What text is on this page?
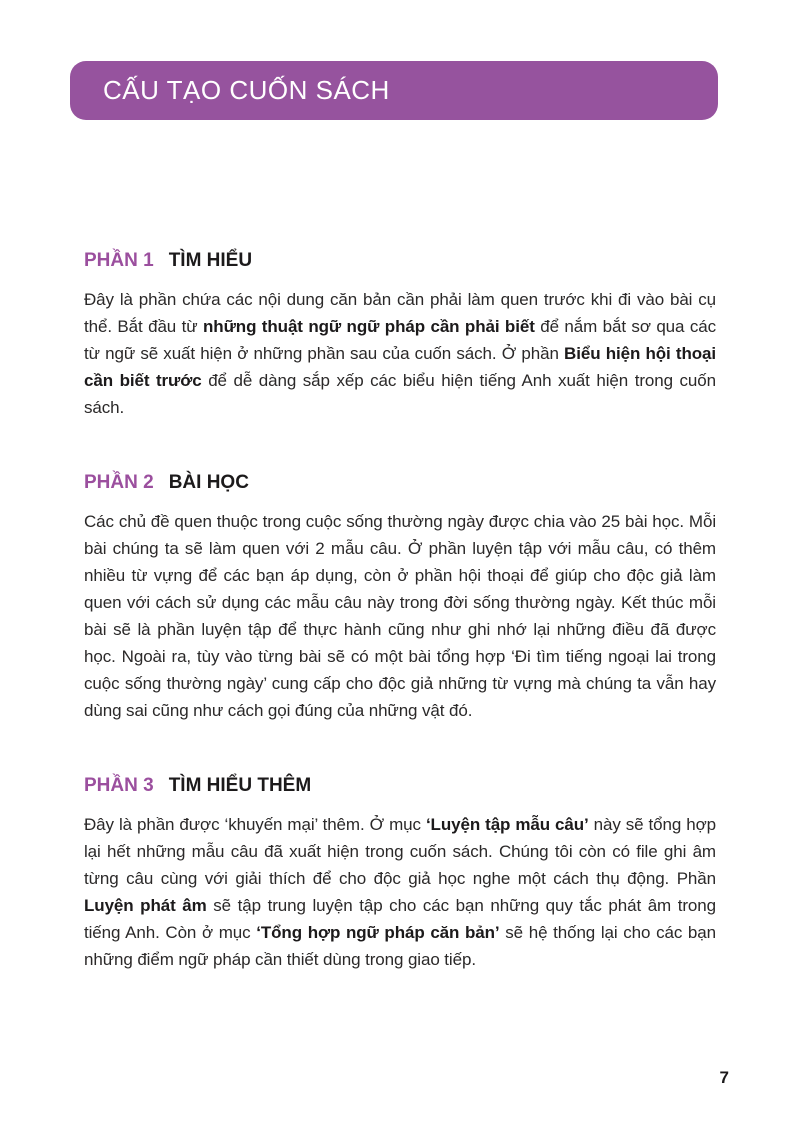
CẤU TẠO CUỐN SÁCH
PHẦN 1 TÌM HIỂU

Đây là phần chứa các nội dung căn bản cần phải làm quen trước khi đi vào bài cụ thể. Bắt đầu từ những thuật ngữ ngữ pháp cần phải biết để nắm bắt sơ qua các từ ngữ sẽ xuất hiện ở những phần sau của cuốn sách. Ở phần Biểu hiện hội thoại cần biết trước để dễ dàng sắp xếp các biểu hiện tiếng Anh xuất hiện trong cuốn sách.

PHẦN 2 BÀI HỌC

Các chủ đề quen thuộc trong cuộc sống thường ngày được chia vào 25 bài học. Mỗi bài chúng ta sẽ làm quen với 2 mẫu câu. Ở phần luyện tập với mẫu câu, có thêm nhiều từ vựng để các bạn áp dụng, còn ở phần hội thoại để giúp cho độc giả làm quen với cách sử dụng các mẫu câu này trong đời sống thường ngày. Kết thúc mỗi bài sẽ là phần luyện tập để thực hành cũng như ghi nhớ lại những điều đã được học. Ngoài ra, tùy vào từng bài sẽ có một bài tổng hợp ‘Đi tìm tiếng ngoại lai trong cuộc sống thường ngày’ cung cấp cho độc giả những từ vựng mà chúng ta vẫn hay dùng sai cũng như cách gọi đúng của những vật đó.

PHẦN 3 TÌM HIỂU THÊM

Đây là phần được ‘khuyến mại’ thêm. Ở mục ‘Luyện tập mẫu câu’ này sẽ tổng hợp lại hết những mẫu câu đã xuất hiện trong cuốn sách. Chúng tôi còn có file ghi âm từng câu cùng với giải thích để cho độc giả học nghe một cách thụ động. Phần Luyện phát âm sẽ tập trung luyện tập cho các bạn những quy tắc phát âm trong tiếng Anh. Còn ở mục ‘Tổng hợp ngữ pháp căn bản’ sẽ hệ thống lại cho các bạn những điểm ngữ pháp cần thiết dùng trong giao tiếp.

7
